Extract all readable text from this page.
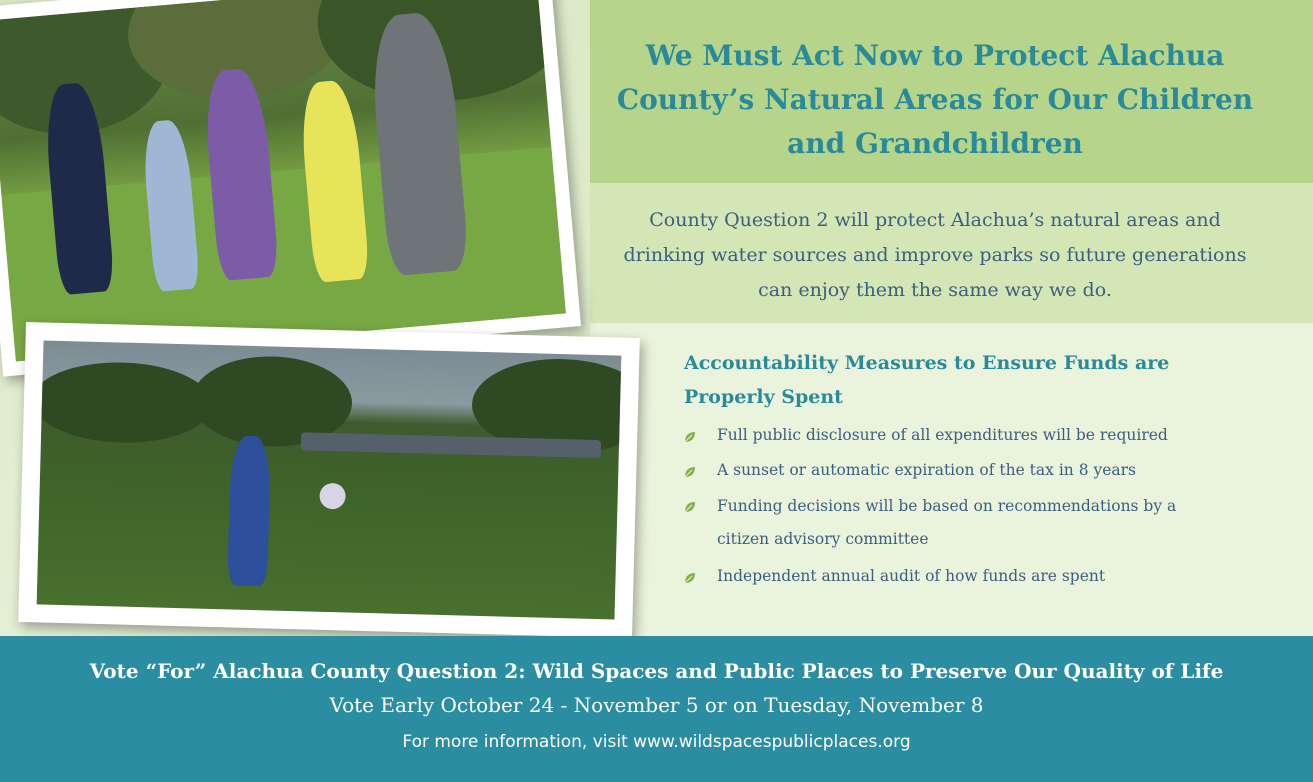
We Must Act Now to Protect Alachua County’s Natural Areas for Our Children and Grandchildren

County Question 2 will protect Alachua’s natural areas and drinking water sources and improve parks so future generations can enjoy them the same way we do.

Accountability Measures to Ensure Funds are Properly Spent
Full public disclosure of all expenditures will be required
A sunset or automatic expiration of the tax in 8 years
Funding decisions will be based on recommendations by a citizen advisory committee
Independent annual audit of how funds are spent

Vote “For” Alachua County Question 2: Wild Spaces and Public Places to Preserve Our Quality of Life

Vote Early October 24 - November 5 or on Tuesday, November 8

For more information, visit www.wildspacespublicplaces.org
